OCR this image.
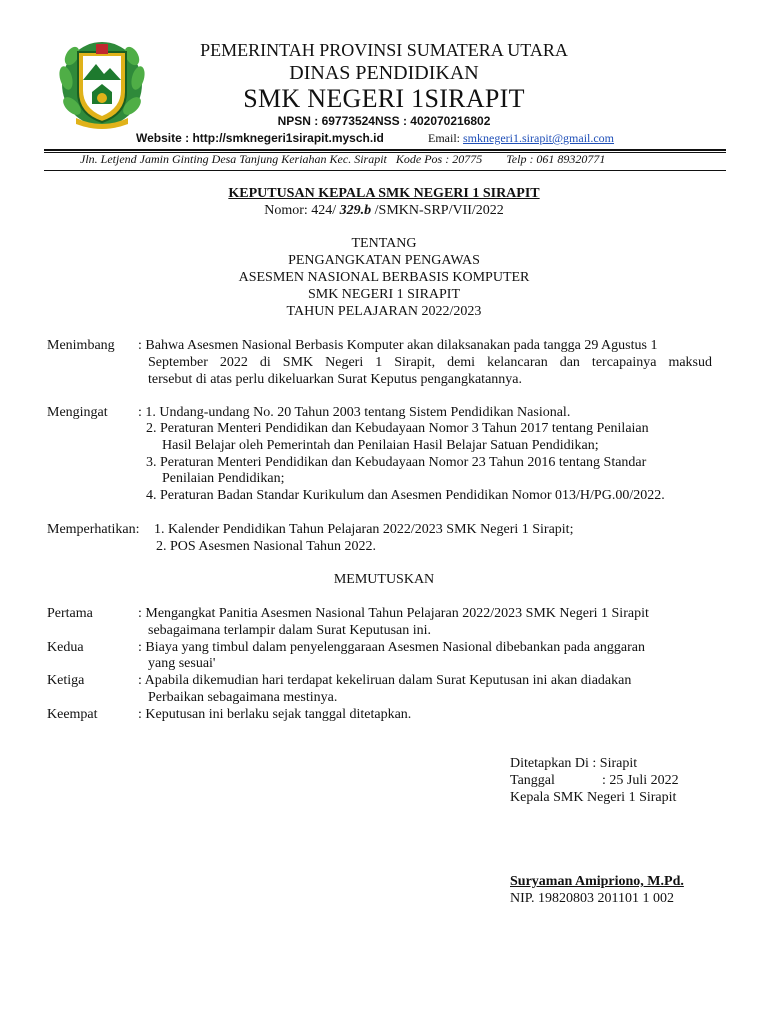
PEMERINTAH PROVINSI SUMATERA UTARA
DINAS PENDIDIKAN
SMK NEGERI 1SIRAPIT
NPSN : 69773524NSS : 402070216802
Website : http://smknegeri1sirapit.mysch.id	Email: smknegeri1.sirapit@gmail.com
Jln. Letjend Jamin Ginting Desa Tanjung Keriahan Kec. Sirapit   Kode Pos : 20775        Telp : 061 89320771
KEPUTUSAN KEPALA SMK NEGERI 1 SIRAPIT
Nomor: 424/ 329.b /SMKN-SRP/VII/2022
TENTANG
PENGANGKATAN PENGAWAS
ASESMEN NASIONAL BERBASIS KOMPUTER
SMK NEGERI 1 SIRAPIT
TAHUN PELAJARAN 2022/2023
Menimbang : Bahwa Asesmen Nasional Berbasis Komputer akan dilaksanakan pada tangga 29 Agustus 1
September 2022 di SMK Negeri 1 Sirapit, demi kelancaran dan tercapainya maksud
tersebut di atas perlu dikeluarkan Surat Keputus pengangkatannya.
Mengingat : 1. Undang-undang No. 20 Tahun 2003 tentang Sistem Pendidikan Nasional.
2. Peraturan Menteri Pendidikan dan Kebudayaan Nomor 3 Tahun 2017 tentang Penilaian
Hasil Belajar oleh Pemerintah dan Penilaian Hasil Belajar Satuan Pendidikan;
3. Peraturan Menteri Pendidikan dan Kebudayaan Nomor 23 Tahun 2016 tentang Standar
Penilaian Pendidikan;
4. Peraturan Badan Standar Kurikulum dan Asesmen Pendidikan Nomor 013/H/PG.00/2022.
Memperhatikan: 1. Kalender Pendidikan Tahun Pelajaran 2022/2023 SMK Negeri 1 Sirapit;
2. POS Asesmen Nasional Tahun 2022.
MEMUTUSKAN
Pertama	: Mengangkat Panitia Asesmen Nasional Tahun Pelajaran 2022/2023 SMK Negeri 1 Sirapit
sebagaimana terlampir dalam Surat Keputusan ini.
Kedua	: Biaya yang timbul dalam penyelenggaraan Asesmen Nasional dibebankan pada anggaran
yang sesuai'
Ketiga	: Apabila dikemudian hari terdapat kekeliruan dalam Surat Keputusan ini akan diadakan
Perbaikan sebagaimana mestinya.
Keempat	: Keputusan ini berlaku sejak tanggal ditetapkan.
Ditetapkan Di : Sirapit
Tanggal	: 25 Juli 2022
Kepala SMK Negeri 1 Sirapit
Suryaman Amipriono, M.Pd.
NIP. 19820803 201101 1 002
